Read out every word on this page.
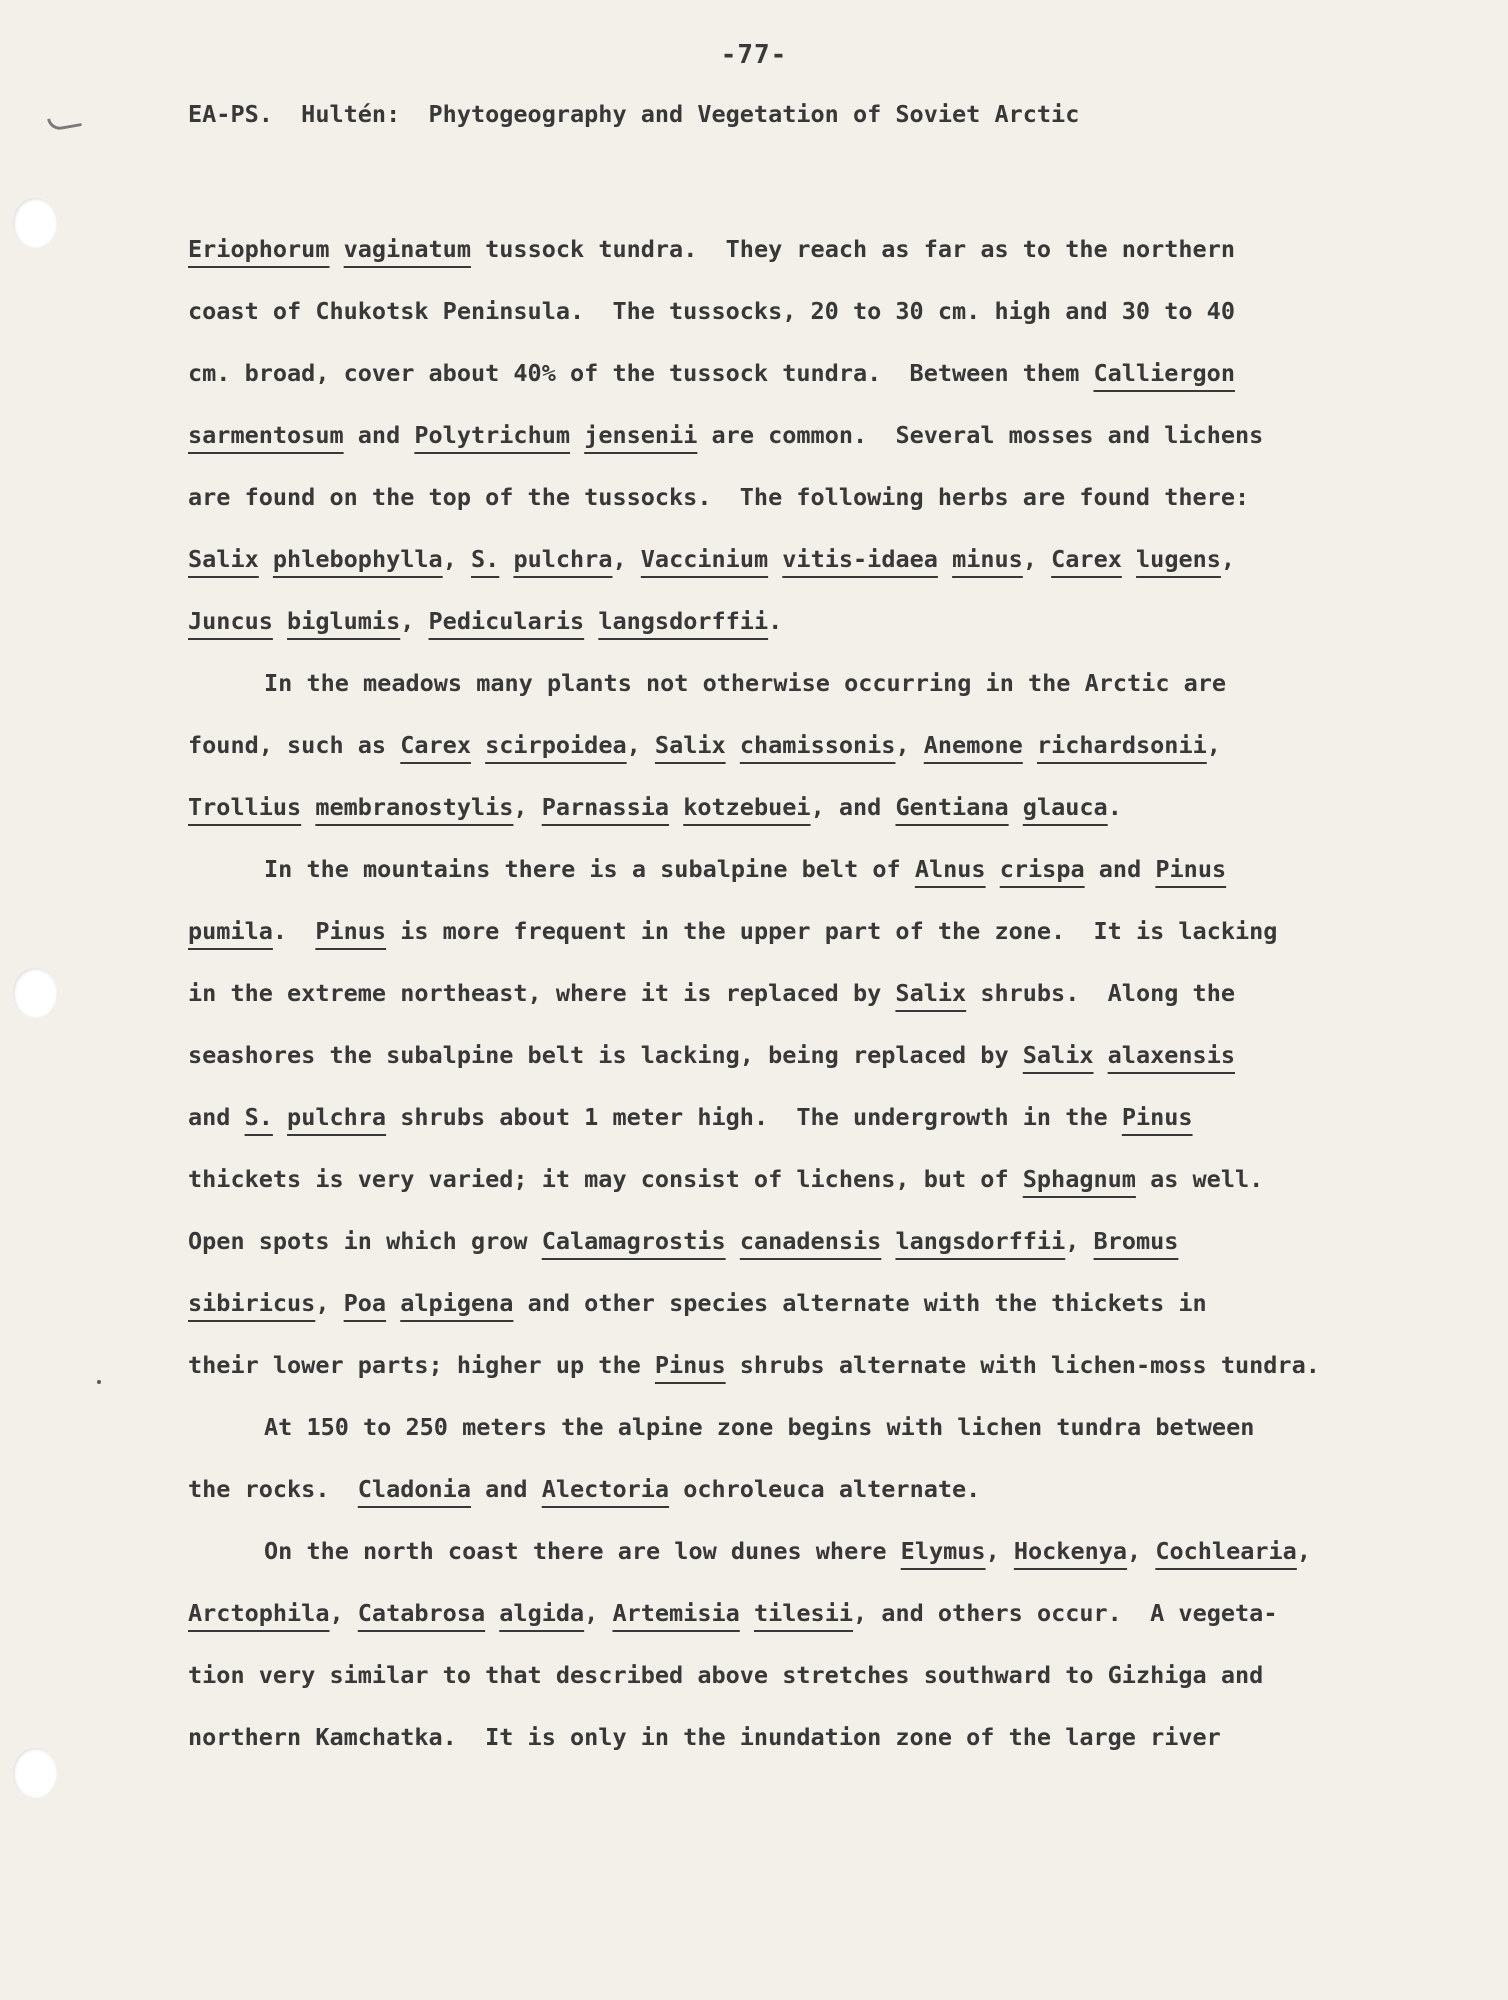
-77-
EA-PS.  Hultén:  Phytogeography and Vegetation of Soviet Arctic
Eriophorum vaginatum tussock tundra.  They reach as far as to the northern
coast of Chukotsk Peninsula.  The tussocks, 20 to 30 cm. high and 30 to 40
cm. broad, cover about 40% of the tussock tundra.  Between them Calliergon
sarmentosum and Polytrichum jensenii are common.  Several mosses and lichens
are found on the top of the tussocks.  The following herbs are found there:
Salix phlebophylla, S. pulchra, Vaccinium vitis-idaea minus, Carex lugens,
Juncus biglumis, Pedicularis langsdorffii.
In the meadows many plants not otherwise occurring in the Arctic are
found, such as Carex scirpoidea, Salix chamissonis, Anemone richardsonii,
Trollius membranostylis, Parnassia kotzebuei, and Gentiana glauca.
In the mountains there is a subalpine belt of Alnus crispa and Pinus
pumila.  Pinus is more frequent in the upper part of the zone.  It is lacking
in the extreme northeast, where it is replaced by Salix shrubs.  Along the
seashores the subalpine belt is lacking, being replaced by Salix alaxensis
and S. pulchra shrubs about 1 meter high.  The undergrowth in the Pinus
thickets is very varied; it may consist of lichens, but of Sphagnum as well.
Open spots in which grow Calamagrostis canadensis langsdorffii, Bromus
sibiricus, Poa alpigena and other species alternate with the thickets in
their lower parts; higher up the Pinus shrubs alternate with lichen-moss tundra.
At 150 to 250 meters the alpine zone begins with lichen tundra between
the rocks.  Cladonia and Alectoria ochroleuca alternate.
On the north coast there are low dunes where Elymus, Hockenya, Cochlearia,
Arctophila, Catabrosa algida, Artemisia tilesii, and others occur.  A vegeta-
tion very similar to that described above stretches southward to Gizhiga and
northern Kamchatka.  It is only in the inundation zone of the large river
